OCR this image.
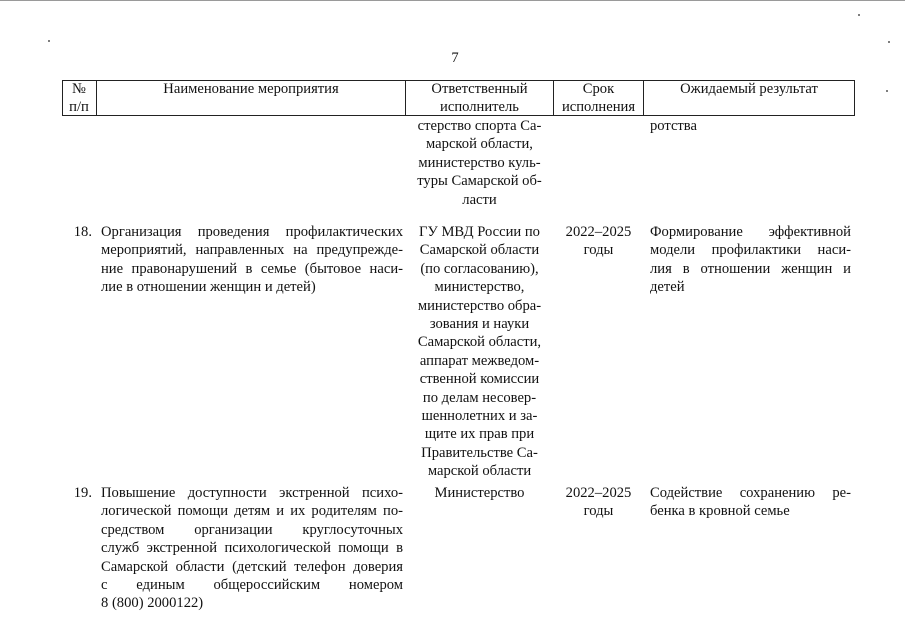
7
№
п/п
Наименование мероприятия	Ответственный
исполнитель
Срок
исполнения
Ожидаемый результат
стерство спорта Са-
марской области,
министерство куль-
туры Самарской об-
ласти
ротства
18. Организация проведения профилактических
мероприятий, направленных на предупрежде-
ние правонарушений в семье (бытовое наси-
лие в отношении женщин и детей)
ГУ МВД России по
Самарской области
(по согласованию),
министерство,
министерство обра-
зования и науки
Самарской области,
аппарат межведом-
ственной комиссии
по делам несовер-
шеннолетних и за-
щите их прав при
Правительстве Са-
марской области
2022–2025
годы
Формирование эффективной
модели профилактики наси-
лия в отношении женщин и
детей
19. Повышение доступности экстренной психо-
логической помощи детям и их родителям по-
средством организации круглосуточных
служб экстренной психологической помощи в
Самарской области (детский телефон доверия
с единым общероссийским номером
8 (800) 2000122)
Министерство	2022–2025
годы
Содействие сохранению ре-
бенка в кровной семье
